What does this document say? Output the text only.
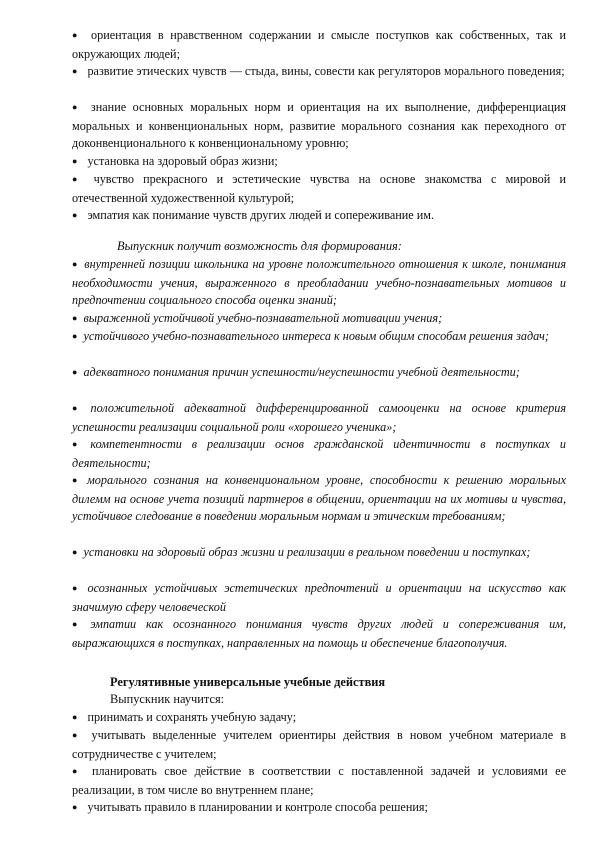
● ориентация в нравственном содержании и смысле поступков как собственных, так и окружающих людей;
● развитие этических чувств — стыда, вины, совести как регуляторов морального поведения;
● знание основных моральных норм и ориентация на их выполнение, дифференциация моральных и конвенциональных норм, развитие морального сознания как переходного от доконвенционального к конвенциональному уровню;
● установка на здоровый образ жизни;
● чувство прекрасного и эстетические чувства на основе знакомства с мировой и отечественной художественной культурой;
● эмпатия как понимание чувств других людей и сопереживание им.
Выпускник получит возможность для формирования:
● внутренней позиции школьника на уровне положительного отношения к школе, понимания необходимости учения, выраженного в преобладании учебно-познавательных мотивов и предпочтении социального способа оценки знаний;
● выраженной устойчивой учебно-познавательной мотивации учения;
● устойчивого учебно-познавательного интереса к новым общим способам решения задач;
● адекватного понимания причин успешности/неуспешности учебной деятельности;
● положительной адекватной дифференцированной самооценки на основе критерия успешности реализации социальной роли «хорошего ученика»;
● компетентности в реализации основ гражданской идентичности в поступках и деятельности;
● морального сознания на конвенциональном уровне, способности к решению моральных дилемм на основе учета позиций партнеров в общении, ориентации на их мотивы и чувства, устойчивое следование в поведении моральным нормам и этическим требованиям;
● установки на здоровый образ жизни и реализации в реальном поведении и поступках;
● осознанных устойчивых эстетических предпочтений и ориентации на искусство как значимую сферу человеческой
● эмпатии как осознанного понимания чувств других людей и сопереживания им, выражающихся в поступках, направленных на помощь и обеспечение благополучия.
Регулятивные универсальные учебные действия
Выпускник научится:
● принимать и сохранять учебную задачу;
● учитывать выделенные учителем ориентиры действия в новом учебном материале в сотрудничестве с учителем;
● планировать свое действие в соответствии с поставленной задачей и условиями ее реализации, в том числе во внутреннем плане;
● учитывать правило в планировании и контроле способа решения;
